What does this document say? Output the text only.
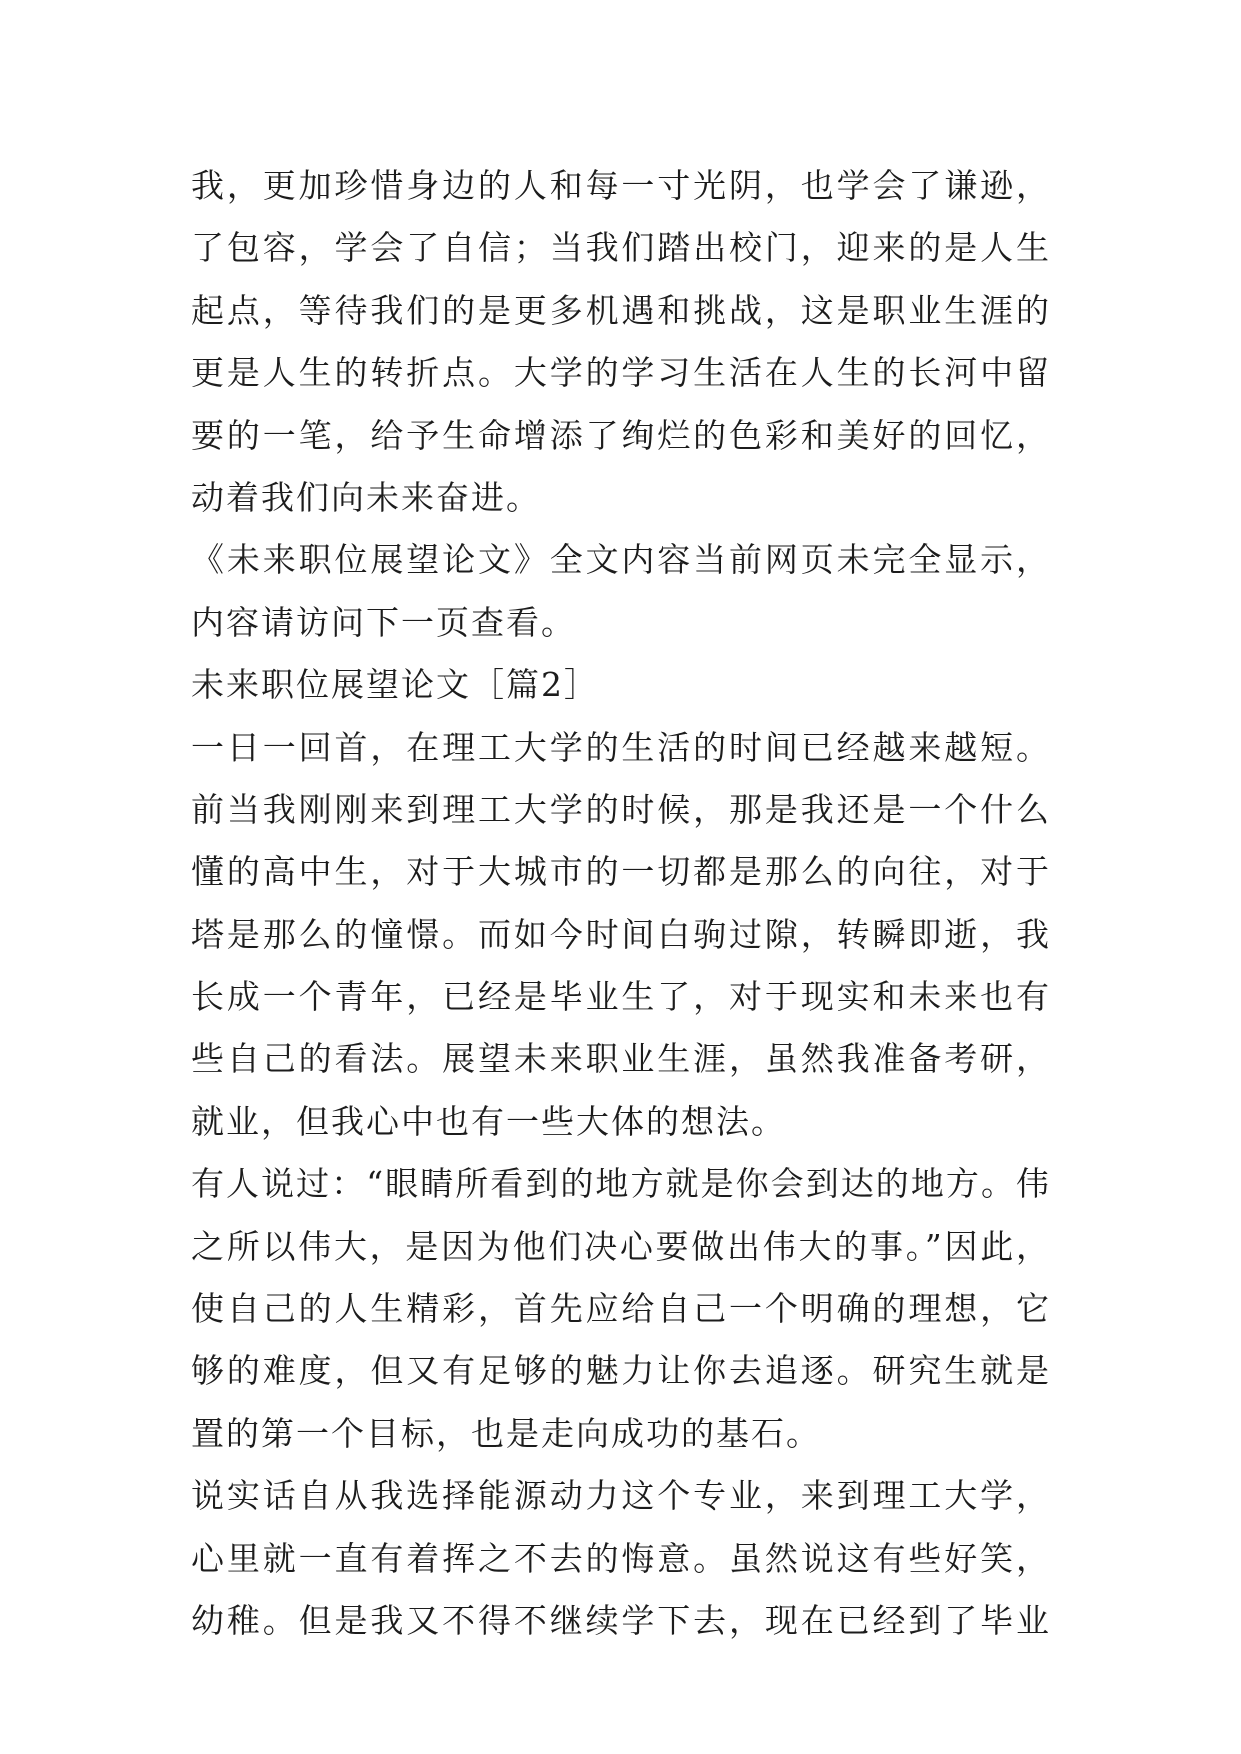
我，更加珍惜身边的人和每一寸光阴，也学会了谦逊，
了包容，学会了自信；当我们踏出校门，迎来的是人生
起点，等待我们的是更多机遇和挑战，这是职业生涯的
更是人生的转折点。大学的学习生活在人生的长河中留
要的一笔，给予生命增添了绚烂的色彩和美好的回忆，
动着我们向未来奋进。
《未来职位展望论文》全文内容当前网页未完全显示，
内容请访问下一页查看。
未来职位展望论文［篇2］
一日一回首，在理工大学的生活的时间已经越来越短。
前当我刚刚来到理工大学的时候，那是我还是一个什么
懂的高中生，对于大城市的一切都是那么的向往，对于
塔是那么的憧憬。而如今时间白驹过隙，转瞬即逝，我
长成一个青年，已经是毕业生了，对于现实和未来也有
些自己的看法。展望未来职业生涯，虽然我准备考研，
就业，但我心中也有一些大体的想法。
有人说过：“眼睛所看到的地方就是你会到达的地方。伟
之所以伟大，是因为他们决心要做出伟大的事。”因此，
使自己的人生精彩，首先应给自己一个明确的理想，它
够的难度，但又有足够的魅力让你去追逐。研究生就是
置的第一个目标，也是走向成功的基石。
说实话自从我选择能源动力这个专业，来到理工大学，
心里就一直有着挥之不去的悔意。虽然说这有些好笑，
幼稚。但是我又不得不继续学下去，现在已经到了毕业
